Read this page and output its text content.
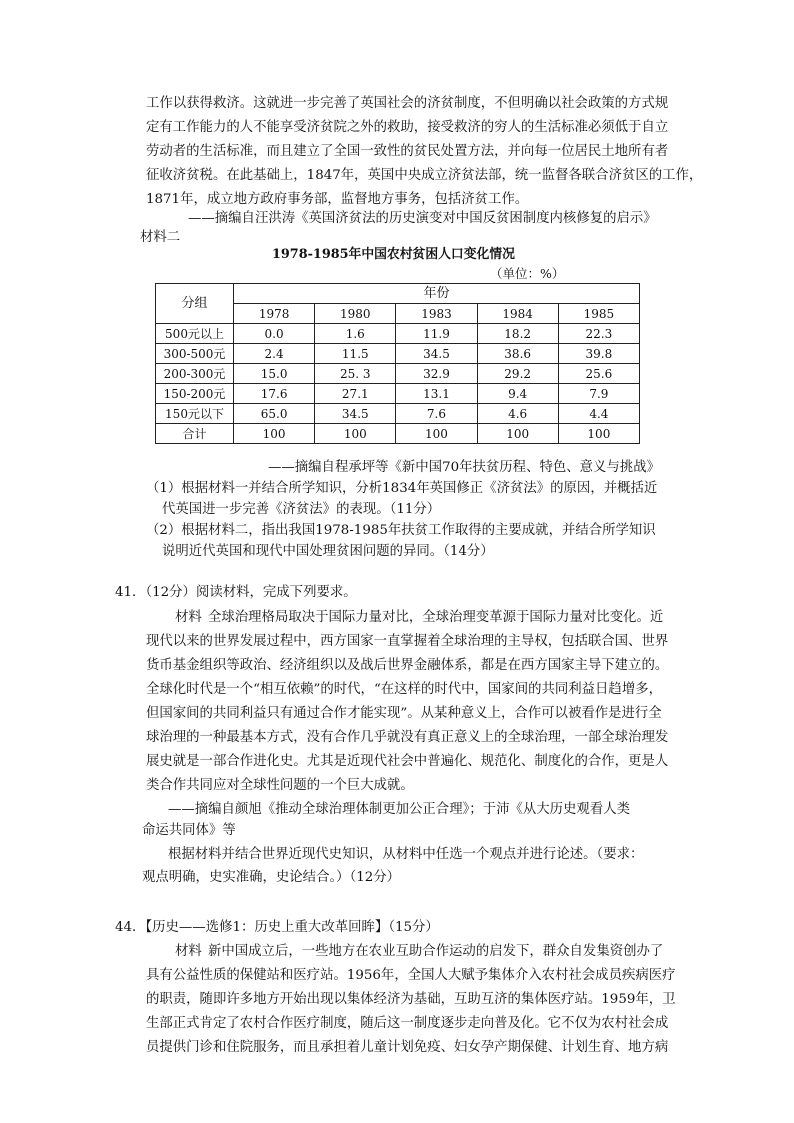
工作以获得救济。这就进一步完善了英国社会的济贫制度，不但明确以社会政策的方式规
定有工作能力的人不能享受济贫院之外的救助，接受救济的穷人的生活标准必须低于自立
劳动者的生活标准，而且建立了全国一致性的贫民处置方法，并向每一位居民土地所有者
征收济贫税。在此基础上，1847年，英国中央成立济贫法部，统一监督各联合济贫区的工作，
1871年，成立地方政府事务部，监督地方事务，包括济贫工作。
——摘编自汪洪涛《英国济贫法的历史演变对中国反贫困制度内核修复的启示》
材料二
1978-1985年中国农村贫困人口变化情况
（单位：%）
分组	年份				
	1978	1980	1983	1984	1985
500元以上	0.0	1.6	11.9	18.2	22.3
300-500元	2.4	11.5	34.5	38.6	39.8
200-300元	15.0	25. 3	32.9	29.2	25.6
150-200元	17.6	27.1	13.1	9.4	7.9
150元以下	65.0	34.5	7.6	4.6	4.4
合计	100	100	100	100	100
——摘编自程承坪等《新中国70年扶贫历程、特色、意义与挑战》
（1）根据材料一并结合所学知识，分析1834年英国修正《济贫法》的原因，并概括近
代英国进一步完善《济贫法》的表现。（11分）
（2）根据材料二，指出我国1978-1985年扶贫工作取得的主要成就，并结合所学知识
说明近代英国和现代中国处理贫困问题的异同。（14分）
41．（12分）阅读材料，完成下列要求。
材料 全球治理格局取决于国际力量对比，全球治理变革源于国际力量对比变化。近
现代以来的世界发展过程中，西方国家一直掌握着全球治理的主导权，包括联合国、世界
货币基金组织等政治、经济组织以及战后世界金融体系，都是在西方国家主导下建立的。
全球化时代是一个“相互依赖”的时代，“在这样的时代中，国家间的共同利益日趋增多，
但国家间的共同利益只有通过合作才能实现”。从某种意义上，合作可以被看作是进行全
球治理的一种最基本方式，没有合作几乎就没有真正意义上的全球治理，一部全球治理发
展史就是一部合作进化史。尤其是近现代社会中普遍化、规范化、制度化的合作，更是人
类合作共同应对全球性问题的一个巨大成就。
——摘编自颜旭《推动全球治理体制更加公正合理》；于沛《从大历史观看人类
命运共同体》等
根据材料并结合世界近现代史知识，从材料中任选一个观点并进行论述。（要求：
观点明确，史实准确，史论结合。）（12分）
44．【历史——选修1：历史上重大改革回眸】（15分）
材料 新中国成立后，一些地方在农业互助合作运动的启发下，群众自发集资创办了
具有公益性质的保健站和医疗站。1956年，全国人大赋予集体介入农村社会成员疾病医疗
的职责，随即许多地方开始出现以集体经济为基础，互助互济的集体医疗站。1959年，卫
生部正式肯定了农村合作医疗制度，随后这一制度逐步走向普及化。它不仅为农村社会成
员提供门诊和住院服务，而且承担着儿童计划免疫、妇女孕产期保健、计划生育、地方病
